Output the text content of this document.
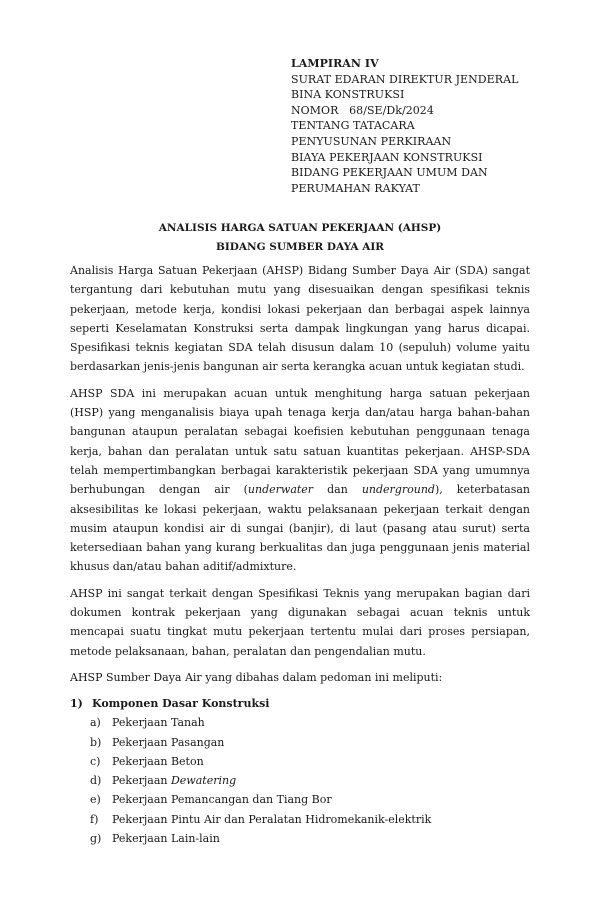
LAMPIRAN IV
SURAT EDARAN DIREKTUR JENDERAL
BINA KONSTRUKSI
NOMOR   68/SE/Dk/2024
TENTANG TATACARA
PENYUSUNAN PERKIRAAN
BIAYA PEKERJAAN KONSTRUKSI
BIDANG PEKERJAAN UMUM DAN
PERUMAHAN RAKYAT
ANALISIS HARGA SATUAN PEKERJAAN (AHSP)
BIDANG SUMBER DAYA AIR

Analisis Harga Satuan Pekerjaan (AHSP) Bidang Sumber Daya Air (SDA) sangat tergantung dari kebutuhan mutu yang disesuaikan dengan spesifikasi teknis pekerjaan, metode kerja, kondisi lokasi pekerjaan dan berbagai aspek lainnya seperti Keselamatan Konstruksi serta dampak lingkungan yang harus dicapai. Spesifikasi teknis kegiatan SDA telah disusun dalam 10 (sepuluh) volume yaitu berdasarkan jenis-jenis bangunan air serta kerangka acuan untuk kegiatan studi.

AHSP SDA ini merupakan acuan untuk menghitung harga satuan pekerjaan (HSP) yang menganalisis biaya upah tenaga kerja dan/atau harga bahan-bahan bangunan ataupun peralatan sebagai koefisien kebutuhan penggunaan tenaga kerja, bahan dan peralatan untuk satu satuan kuantitas pekerjaan. AHSP-SDA telah mempertimbangkan berbagai karakteristik pekerjaan SDA yang umumnya berhubungan dengan air (underwater dan underground), keterbatasan aksesibilitas ke lokasi pekerjaan, waktu pelaksanaan pekerjaan terkait dengan musim ataupun kondisi air di sungai (banjir), di laut (pasang atau surut) serta ketersediaan bahan yang kurang berkualitas dan juga penggunaan jenis material khusus dan/atau bahan aditif/admixture.

AHSP ini sangat terkait dengan Spesifikasi Teknis yang merupakan bagian dari dokumen kontrak pekerjaan yang digunakan sebagai acuan teknis untuk mencapai suatu tingkat mutu pekerjaan tertentu mulai dari proses persiapan, metode pelaksanaan, bahan, peralatan dan pengendalian mutu.

AHSP Sumber Daya Air yang dibahas dalam pedoman ini meliputi:

1) Komponen Dasar Konstruksi
a)	Pekerjaan Tanah
b) Pekerjaan Pasangan
c)	Pekerjaan Beton
d) Pekerjaan Dewatering
e)	Pekerjaan Pemancangan dan Tiang Bor
f)	Pekerjaan Pintu Air dan Peralatan Hidromekanik-elektrik
g) Pekerjaan Lain-lain
